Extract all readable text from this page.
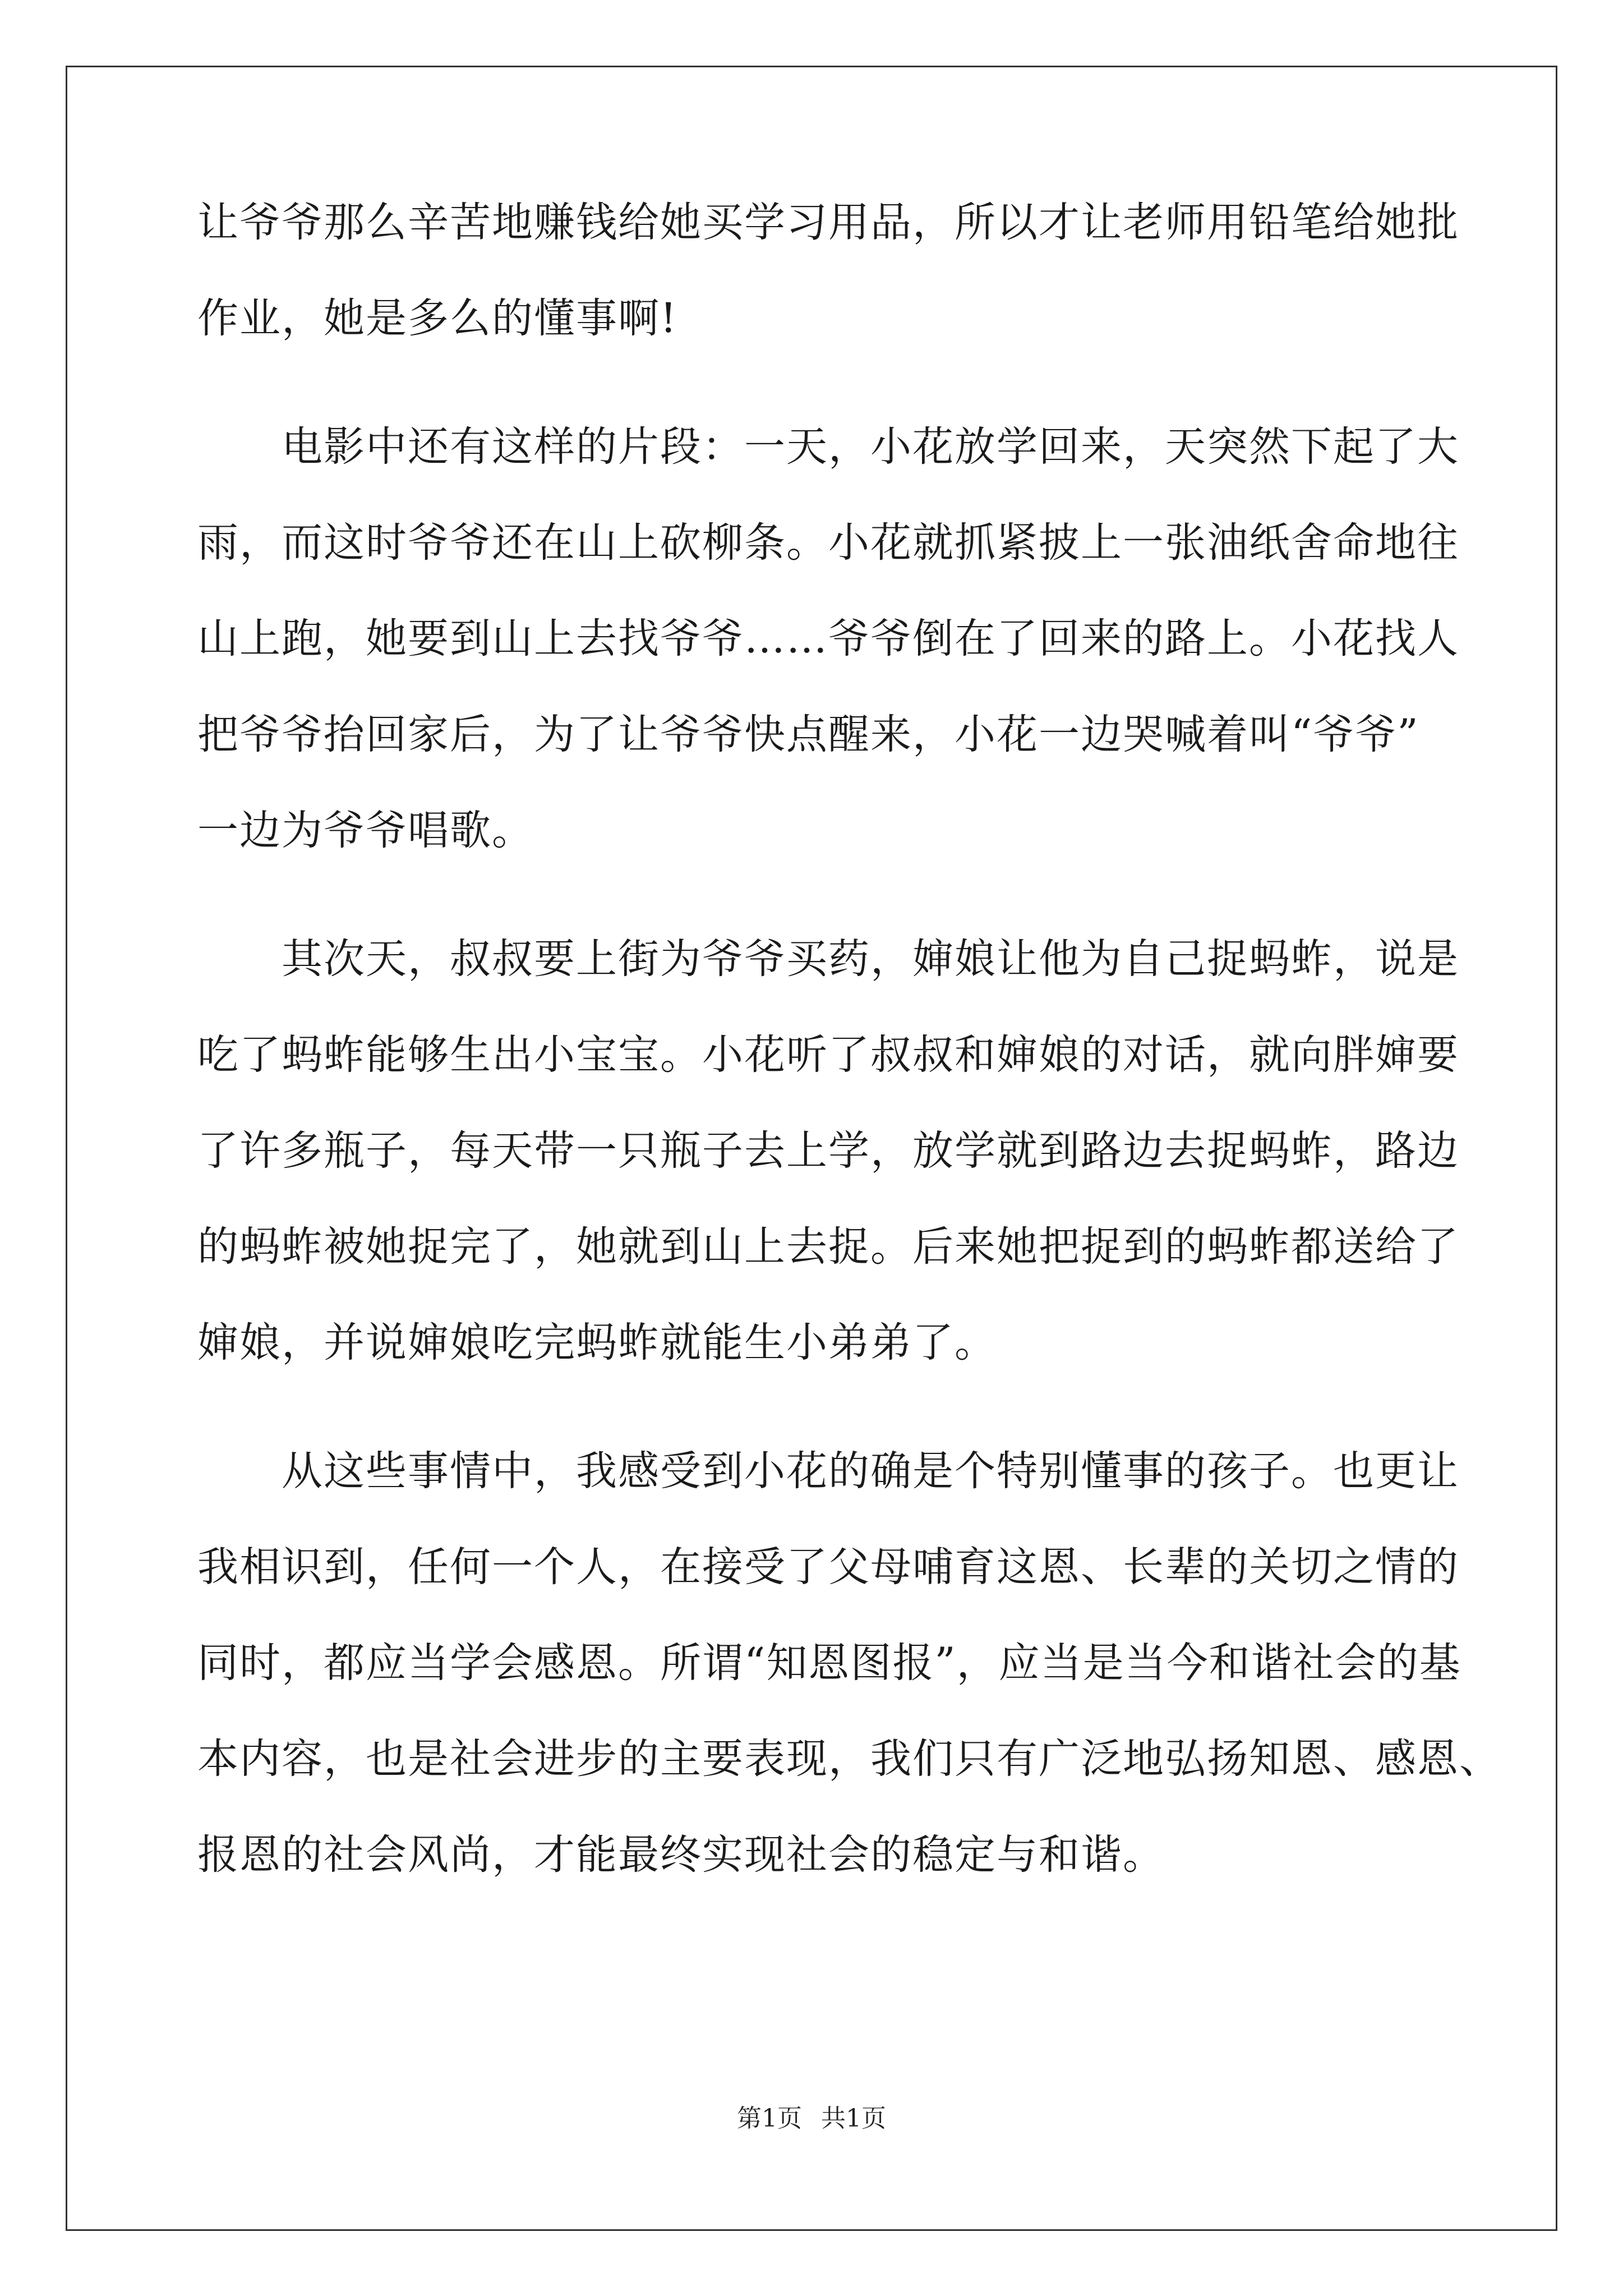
让爷爷那么辛苦地赚钱给她买学习用品，所以才让老师用铅笔给她批
作业，她是多么的懂事啊!
　　电影中还有这样的片段：一天，小花放学回来，天突然下起了大
雨，而这时爷爷还在山上砍柳条。小花就抓紧披上一张油纸舍命地往
山上跑，她要到山上去找爷爷……爷爷倒在了回来的路上。小花找人
把爷爷抬回家后，为了让爷爷快点醒来，小花一边哭喊着叫“爷爷”
一边为爷爷唱歌。
　　其次天，叔叔要上街为爷爷买药，婶娘让他为自己捉蚂蚱，说是
吃了蚂蚱能够生出小宝宝。小花听了叔叔和婶娘的对话，就向胖婶要
了许多瓶子，每天带一只瓶子去上学，放学就到路边去捉蚂蚱，路边
的蚂蚱被她捉完了，她就到山上去捉。后来她把捉到的蚂蚱都送给了
婶娘，并说婶娘吃完蚂蚱就能生小弟弟了。
　　从这些事情中，我感受到小花的确是个特别懂事的孩子。也更让
我相识到，任何一个人，在接受了父母哺育这恩、长辈的关切之情的
同时，都应当学会感恩。所谓“知恩图报”，应当是当今和谐社会的基
本内容，也是社会进步的主要表现，我们只有广泛地弘扬知恩、感恩、
报恩的社会风尚，才能最终实现社会的稳定与和谐。
第1页 共1页
